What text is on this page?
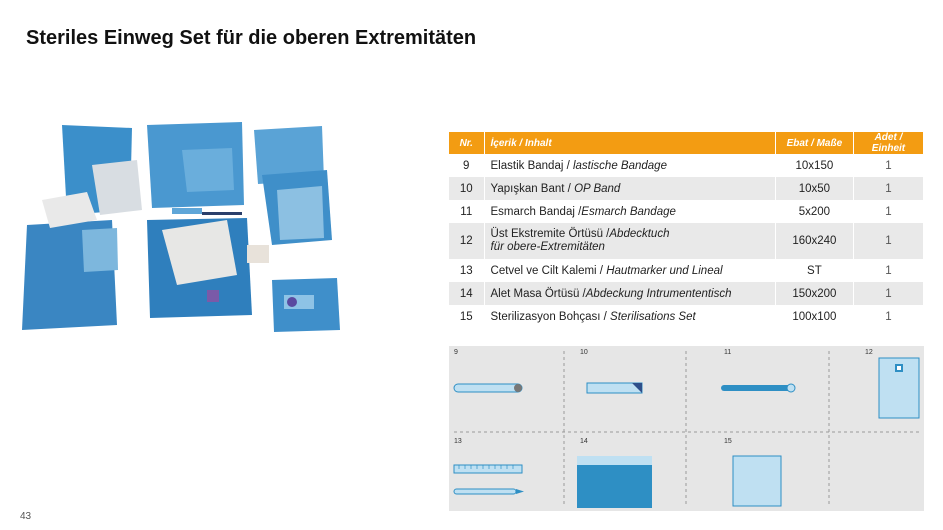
Steriles Einweg Set für die oberen Extremitäten
Nr.	İçerik / Inhalt	Ebat / Maße	Adet / Einheit
9	Elastik Bandaj / lastische Bandage	10x150	1
10	Yapışkan Bant / OP Band	10x50	1
11	Esmarch Bandaj /Esmarch Bandage	5x200	1
12	Üst Ekstremite Örtüsü /Abdecktuch
für obere-Extremitäten	160x240	1
13	Cetvel ve Cilt Kalemi / Hautmarker und Lineal	ST	1
14	Alet Masa Örtüsü /Abdeckung Intrumententisch	150x200	1
15	Sterilizasyon Bohçası / Sterilisations Set	100x100	1
9	10	11	12
13	14	15
43
